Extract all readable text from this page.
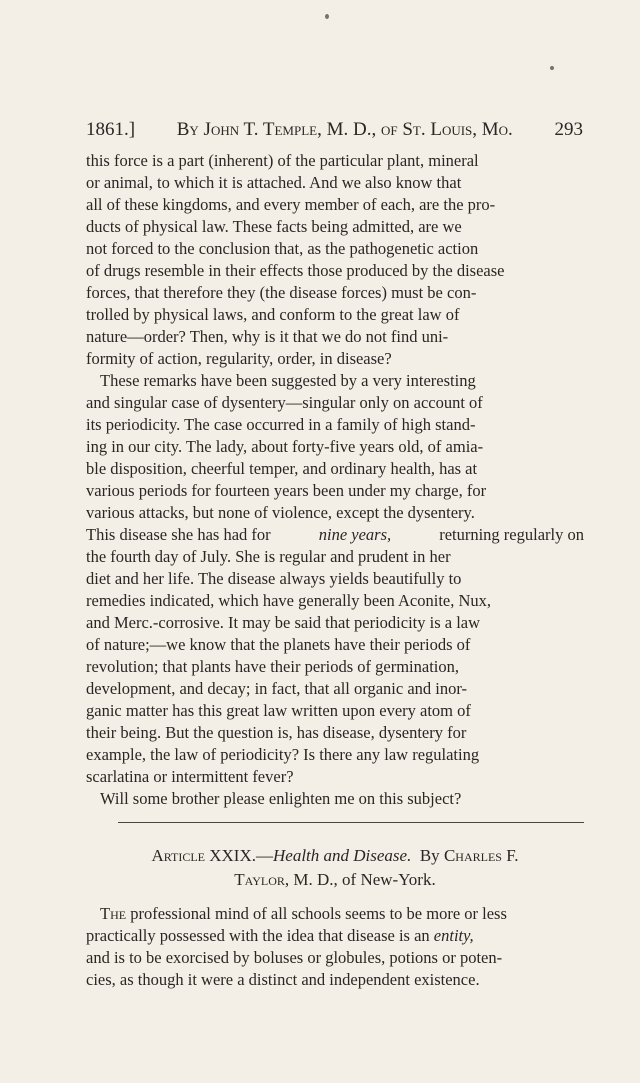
1861.] By John T. Temple, M. D., of St. Louis, Mo. 293
this force is a part (inherent) of the particular plant, mineral
or animal, to which it is attached. And we also know that
all of these kingdoms, and every member of each, are the pro-
ducts of physical law. These facts being admitted, are we
not forced to the conclusion that, as the pathogenetic action
of drugs resemble in their effects those produced by the disease
forces, that therefore they (the disease forces) must be con-
trolled by physical laws, and conform to the great law of
nature—order? Then, why is it that we do not find uni-
formity of action, regularity, order, in disease?
These remarks have been suggested by a very interesting
and singular case of dysentery—singular only on account of
its periodicity. The case occurred in a family of high stand-
ing in our city. The lady, about forty-five years old, of amia-
ble disposition, cheerful temper, and ordinary health, has at
various periods for fourteen years been under my charge, for
various attacks, but none of violence, except the dysentery.
This disease she has had for	nine years,	returning regularly on
the fourth day of July. She is regular and prudent in her
diet and her life. The disease always yields beautifully to
remedies indicated, which have generally been Aconite, Nux,
and Merc.-corrosive. It may be said that periodicity is a law
of nature;—we know that the planets have their periods of
revolution; that plants have their periods of germination,
development, and decay; in fact, that all organic and inor-
ganic matter has this great law written upon every atom of
their being. But the question is, has disease, dysentery for
example, the law of periodicity? Is there any law regulating
scarlatina or intermittent fever?
Will some brother please enlighten me on this subject?
Article XXIX.—Health and Disease. By Charles F.
Taylor, M. D., of New-York.
The professional mind of all schools seems to be more or less
practically possessed with the idea that disease is an entity,
and is to be exorcised by boluses or globules, potions or poten-
cies, as though it were a distinct and independent existence.
